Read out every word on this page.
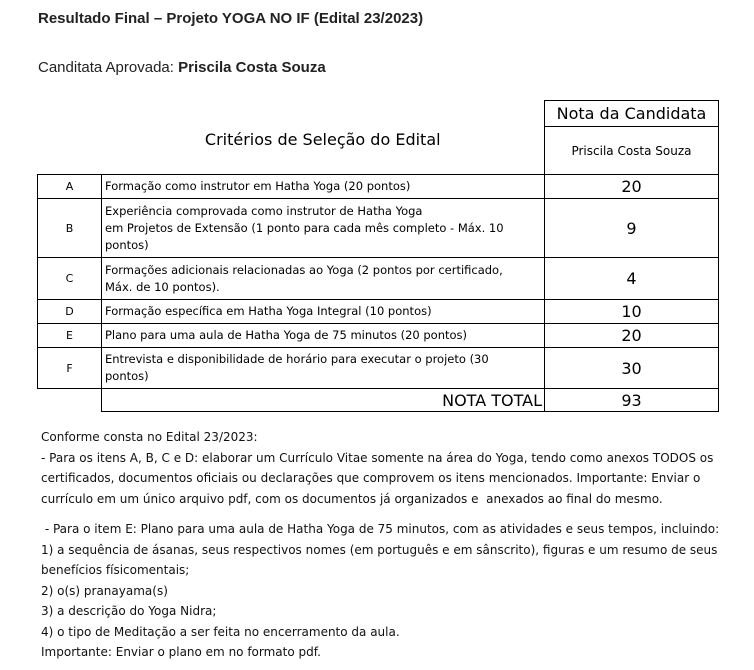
Resultado Final – Projeto YOGA NO IF (Edital 23/2023)
Canditata Aprovada: Priscila Costa Souza
	Critérios de Seleção do Edital	Nota da Candidata
		Priscila Costa Souza
A	Formação como instrutor em Hatha Yoga (20 pontos)	20
B	Experiência comprovada como instrutor de Hatha Yoga
em Projetos de Extensão (1 ponto para cada mês completo - Máx. 10
pontos)	9
C	Formações adicionais relacionadas ao Yoga (2 pontos por certificado,
Máx. de 10 pontos).	4
D	Formação específica em Hatha Yoga Integral (10 pontos)	10
E	Plano para uma aula de Hatha Yoga de 75 minutos (20 pontos)	20
F	Entrevista e disponibilidade de horário para executar o projeto (30
pontos)	30
	NOTA TOTAL	93

Conforme consta no Edital 23/2023:

- Para os itens A, B, C e D: elaborar um Currículo Vitae somente na área do Yoga, tendo como anexos TODOS os

certificados, documentos oficiais ou declarações que comprovem os itens mencionados. Importante: Enviar o

currículo em um único arquivo pdf, com os documentos já organizados e  anexados ao final do mesmo.

- Para o item E: Plano para uma aula de Hatha Yoga de 75 minutos, com as atividades e seus tempos, incluindo:

1) a sequência de ásanas, seus respectivos nomes (em português e em sânscrito), figuras e um resumo de seus

benefícios físicomentais;

2) o(s) pranayama(s)

3) a descrição do Yoga Nidra;

4) o tipo de Meditação a ser feita no encerramento da aula.

Importante: Enviar o plano em no formato pdf.
